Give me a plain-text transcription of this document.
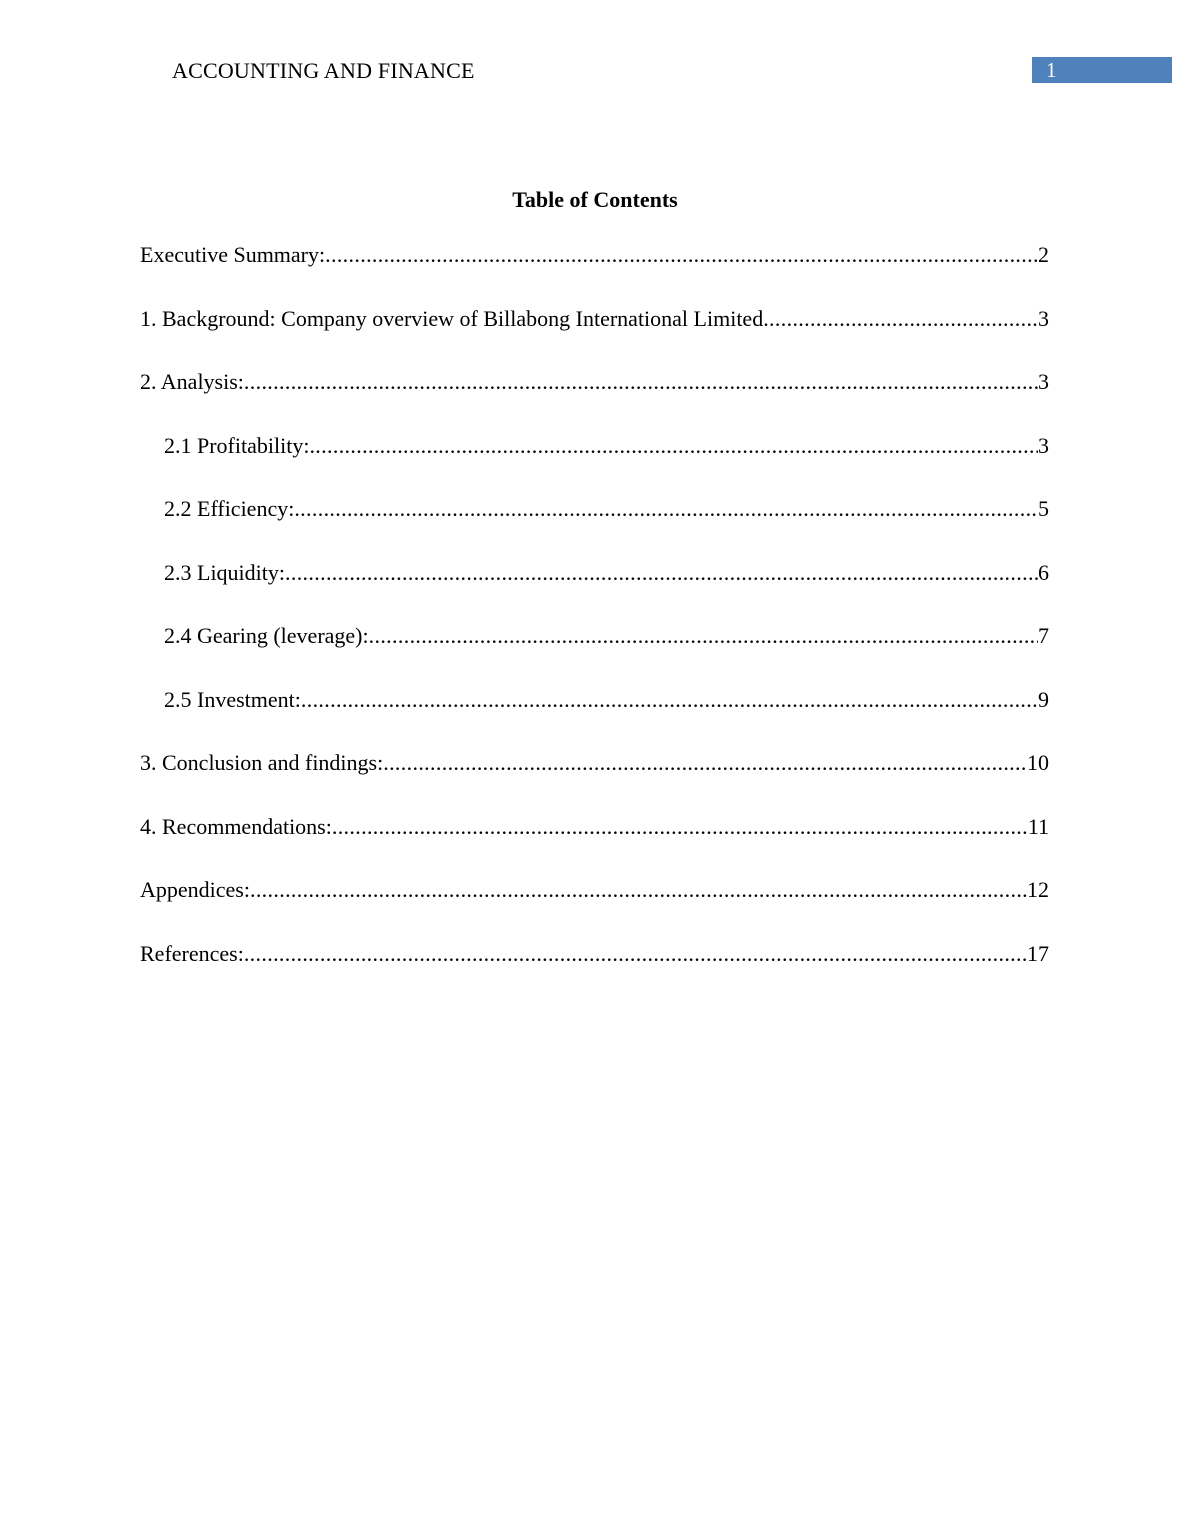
ACCOUNTING AND FINANCE	1
Table of Contents
Executive Summary: .....	2
1. Background: Company overview of Billabong International Limited .....	3
2. Analysis: .....	3
2.1 Profitability: .....	3
2.2 Efficiency: .....	5
2.3 Liquidity: .....	6
2.4 Gearing (leverage): .....	7
2.5 Investment: .....	9
3. Conclusion and findings: .....	10
4. Recommendations: .....	11
Appendices: .....	12
References: .....	17
